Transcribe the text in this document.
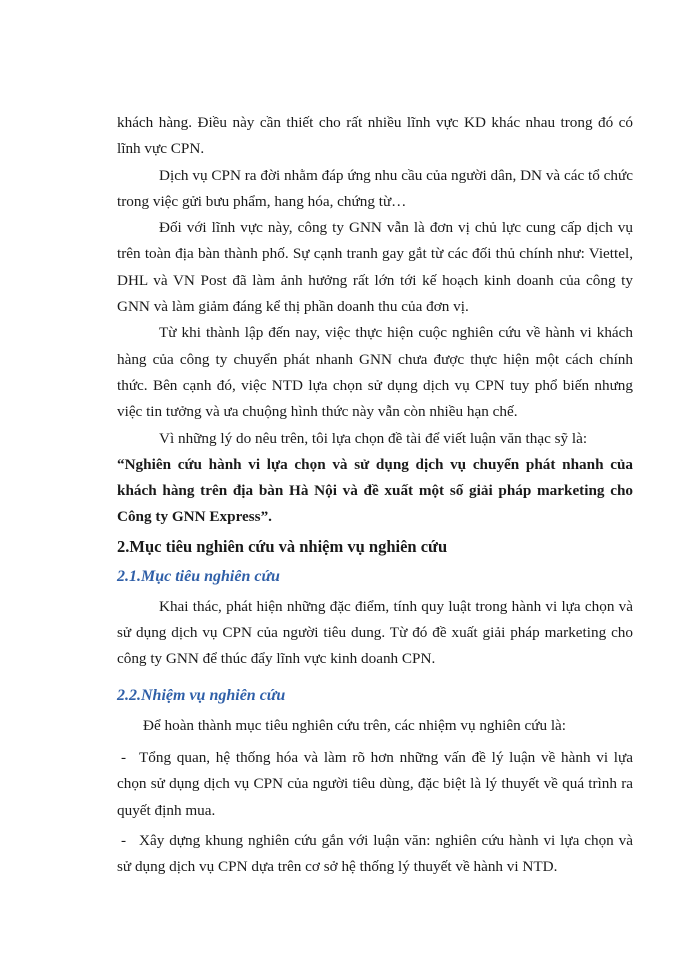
khách hàng. Điều này cần thiết cho rất nhiều lĩnh vực KD khác nhau trong đó có lĩnh vực CPN.

Dịch vụ CPN ra đời nhằm đáp ứng nhu cầu của người dân, DN và các tổ chức trong việc gửi bưu phẩm, hang hóa, chứng từ…

Đối với lĩnh vực này, công ty GNN vẫn là đơn vị chủ lực cung cấp dịch vụ trên toàn địa bàn thành phố. Sự cạnh tranh gay gắt từ các đối thủ chính như: Viettel, DHL và VN Post đã làm ảnh hưởng rất lớn tới kế hoạch kinh doanh của công ty GNN và làm giảm đáng kể thị phần doanh thu của đơn vị.

Từ khi thành lập đến nay, việc thực hiện cuộc nghiên cứu về hành vi khách hàng của công ty chuyển phát nhanh GNN chưa được thực hiện một cách chính thức. Bên cạnh đó, việc NTD lựa chọn sử dụng dịch vụ CPN tuy phổ biến nhưng việc tin tưởng và ưa chuộng hình thức này vẫn còn nhiều hạn chế.

Vì những lý do nêu trên, tôi lựa chọn đề tài để viết luận văn thạc sỹ là:

“Nghiên cứu hành vi lựa chọn và sử dụng dịch vụ chuyển phát nhanh của khách hàng trên địa bàn Hà Nội và đề xuất một số giải pháp marketing cho Công ty GNN Express”.

2.Mục tiêu nghiên cứu và nhiệm vụ nghiên cứu
2.1.Mục tiêu nghiên cứu

Khai thác, phát hiện những đặc điểm, tính quy luật trong hành vi lựa chọn và sử dụng dịch vụ CPN của người tiêu dung. Từ đó đề xuất giải pháp marketing cho công ty GNN để thúc đẩy lĩnh vực kinh doanh CPN.

2.2.Nhiệm vụ nghiên cứu

Để hoàn thành mục tiêu nghiên cứu trên, các nhiệm vụ nghiên cứu là:

- Tổng quan, hệ thống hóa và làm rõ hơn những vấn đề lý luận về hành vi lựa chọn sử dụng dịch vụ CPN của người tiêu dùng, đặc biệt là lý thuyết về quá trình ra quyết định mua.

- Xây dựng khung nghiên cứu gắn với luận văn: nghiên cứu hành vi lựa chọn và sử dụng dịch vụ CPN dựa trên cơ sở hệ thống lý thuyết về hành vi NTD.
